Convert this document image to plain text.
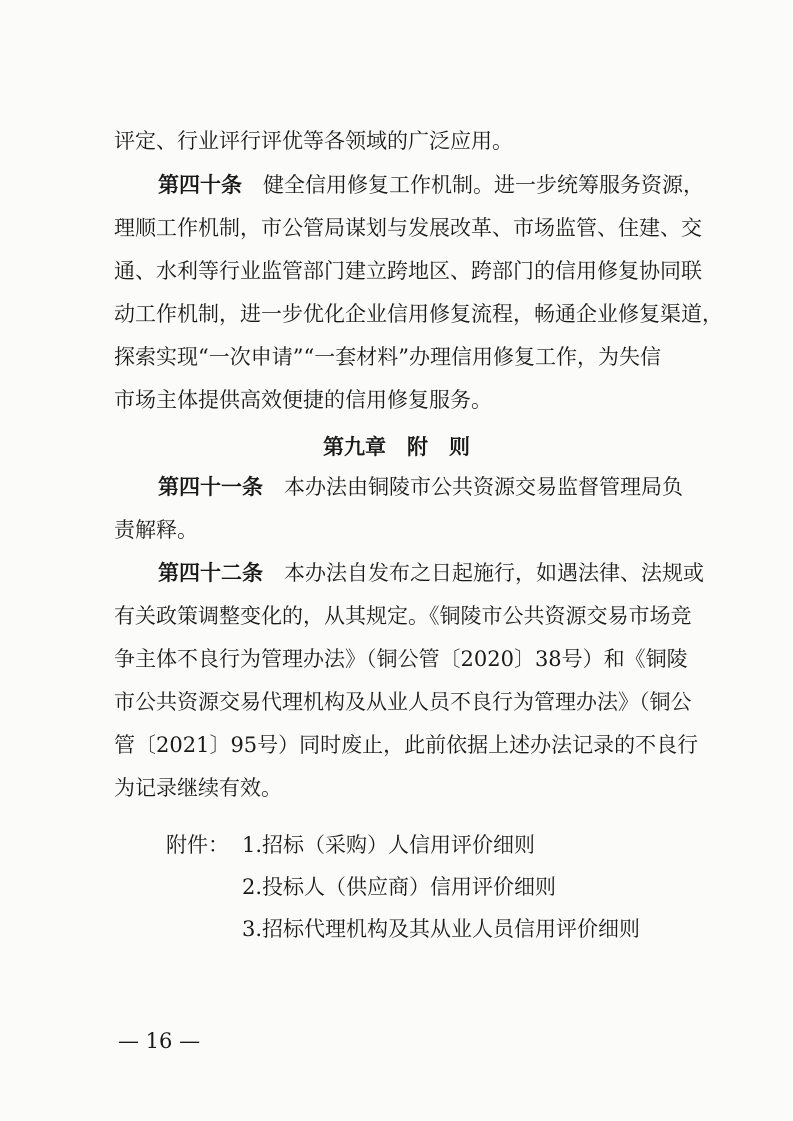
评定、行业评行评优等各领域的广泛应用。
第四十条　 健全信用修复工作机制。进一步统筹服务资源，
理顺工作机制，市公管局谋划与发展改革、市场监管、住建、交
通、水利等行业监管部门建立跨地区、跨部门的信用修复协同联
动工作机制，进一步优化企业信用修复流程，畅通企业修复渠道，
探索实现“一次申请”“一套材料”办理信用修复工作，为失信
市场主体提供高效便捷的信用修复服务。
第九章　附　则
第四十一条　 本办法由铜陵市公共资源交易监督管理局负
责解释。
第四十二条　 本办法自发布之日起施行，如遇法律、法规或
有关政策调整变化的，从其规定。《铜陵市公共资源交易市场竞
争主体不良行为管理办法》（铜公管〔2020〕38号）和《铜陵
市公共资源交易代理机构及从业人员不良行为管理办法》（铜公
管〔2021〕95号）同时废止，此前依据上述办法记录的不良行
为记录继续有效。
附件： 1.招标（采购）人信用评价细则
2.投标人（供应商）信用评价细则
3.招标代理机构及其从业人员信用评价细则
— 16 —
